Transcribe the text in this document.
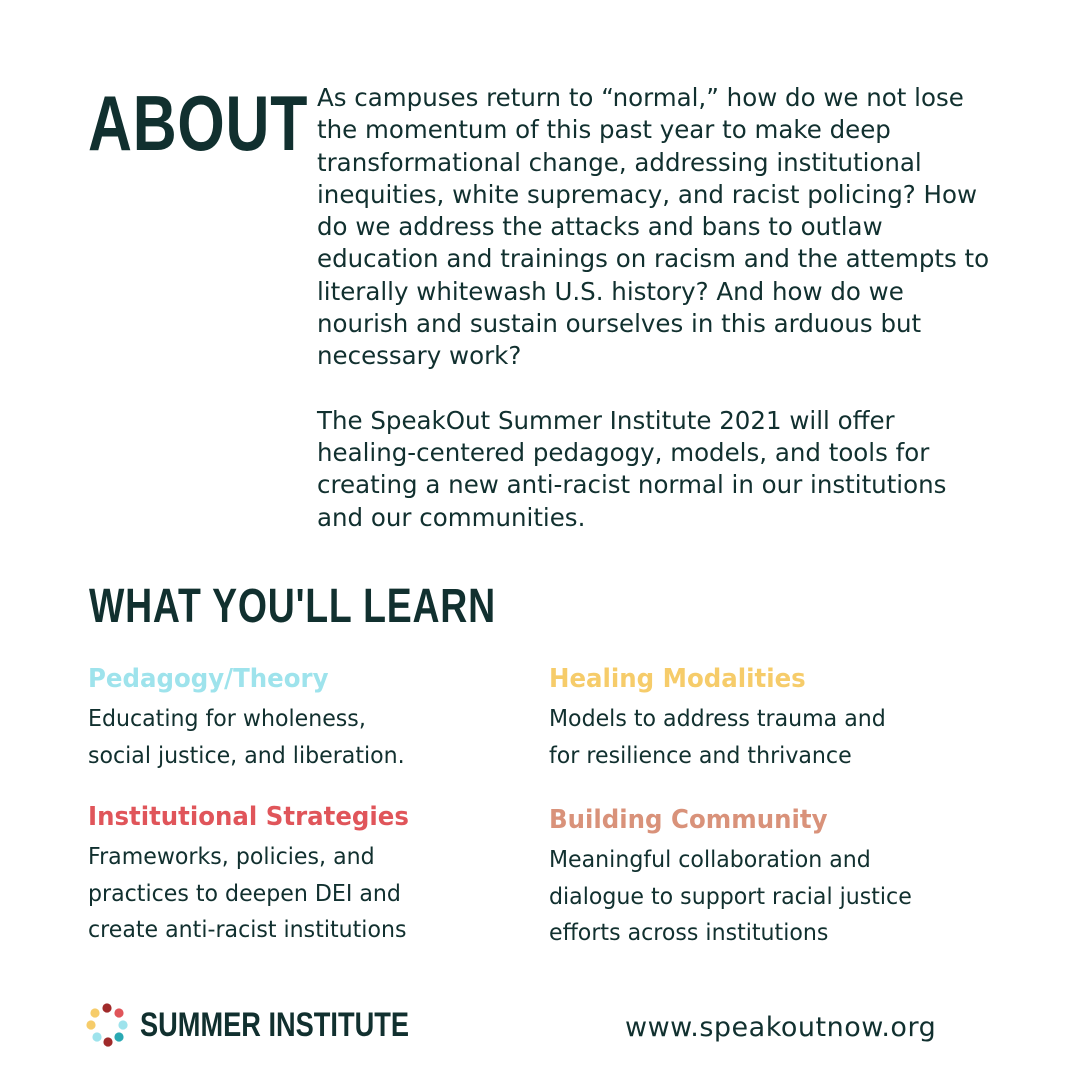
ABOUT As campuses return to “normal,” how do we not lose the momentum of this past year to make deep transformational change, addressing institutional inequities, white supremacy, and racist policing? How do we address the attacks and bans to outlaw education and trainings on racism and the attempts to literally whitewash U.S. history? And how do we nourish and sustain ourselves in this arduous but necessary work?

The SpeakOut Summer Institute 2021 will offer healing-centered pedagogy, models, and tools for creating a new anti-racist normal in our institutions and our communities.

WHAT YOU'LL LEARN
Pedagogy/Theory

Educating for wholeness,
social justice, and liberation.

Healing Modalities

Models to address trauma and
for resilience and thrivance

Institutional Strategies

Frameworks, policies, and
practices to deepen DEI and
create anti-racist institutions

Building Community

Meaningful collaboration and
dialogue to support racial justice
efforts across institutions

SUMMER INSTITUTE	www.speakoutnow.org
